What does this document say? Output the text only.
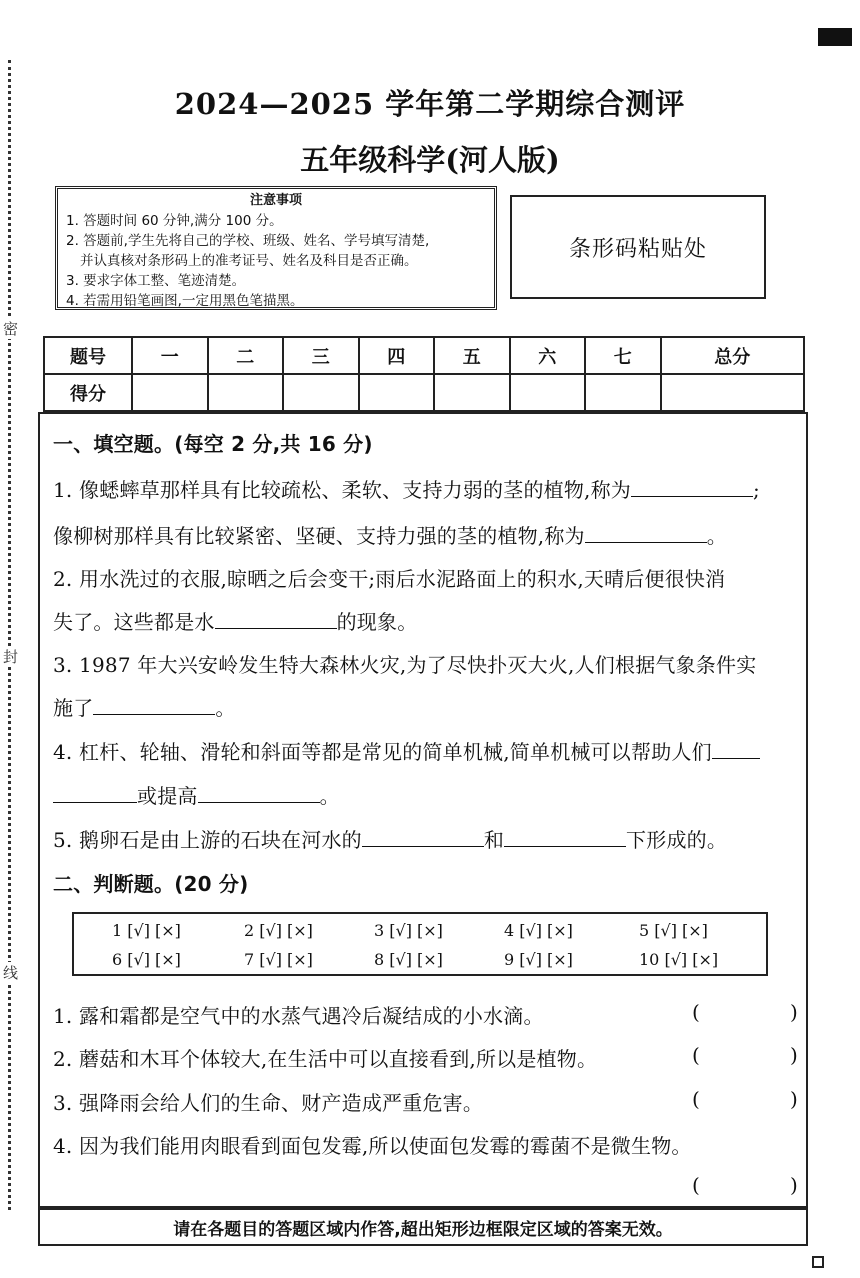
密
封
线
2024—2025 学年第二学期综合测评
五年级科学(河人版)
注意事项
1. 答题时间 60 分钟,满分 100 分。
2. 答题前,学生先将自己的学校、班级、姓名、学号填写清楚,
并认真核对条形码上的准考证号、姓名及科目是否正确。
3. 要求字体工整、笔迹清楚。
4. 若需用铅笔画图,一定用黑色笔描黑。
条形码粘贴处
题号	一	二	三	四	五	六	七	总分
得分								
一、填空题。(每空 2 分,共 16 分)
1. 像蟋蟀草那样具有比较疏松、柔软、支持力弱的茎的植物,称为	;
像柳树那样具有比较紧密、坚硬、支持力强的茎的植物,称为	。
2. 用水洗过的衣服,晾晒之后会变干;雨后水泥路面上的积水,天晴后便很快消
失了。这些都是水	的现象。
3. 1987 年大兴安岭发生特大森林火灾,为了尽快扑灭大火,人们根据气象条件实
施了	。
4. 杠杆、轮轴、滑轮和斜面等都是常见的简单机械,简单机械可以帮助人们
或提高	。
5. 鹅卵石是由上游的石块在河水的	和	下形成的。
二、判断题。(20 分)
1 [√] [×]	2 [√] [×]	3 [√] [×]	4 [√] [×]	5 [√] [×]
6 [√] [×]	7 [√] [×]	8 [√] [×]	9 [√] [×]	10 [√] [×]
1. 露和霜都是空气中的水蒸气遇冷后凝结成的小水滴。	(	)
2. 蘑菇和木耳个体较大,在生活中可以直接看到,所以是植物。	(	)
3. 强降雨会给人们的生命、财产造成严重危害。	(	)
4. 因为我们能用肉眼看到面包发霉,所以使面包发霉的霉菌不是微生物。
(	)
请在各题目的答题区域内作答,超出矩形边框限定区域的答案无效。
